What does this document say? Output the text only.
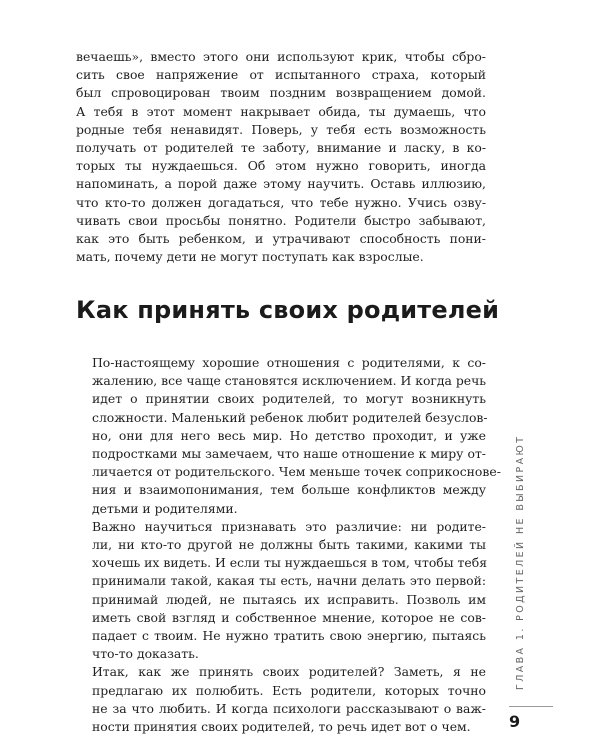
вечаешь», вместо этого они используют крик, чтобы сбро-
сить свое напряжение от испытанного страха, который
был спровоцирован твоим поздним возвращением домой.
А тебя в этот момент накрывает обида, ты думаешь, что
родные тебя ненавидят. Поверь, у тебя есть возможность
получать от родителей те заботу, внимание и ласку, в ко-
торых ты нуждаешься. Об этом нужно говорить, иногда
напоминать, а порой даже этому научить. Оставь иллюзию,
что кто-то должен догадаться, что тебе нужно. Учись озву-
чивать свои просьбы понятно. Родители быстро забывают,
как это быть ребенком, и утрачивают способность пони-
мать, почему дети не могут поступать как взрослые.

Как принять своих родителей

По-настоящему хорошие отношения с родителями, к со-
жалению, все чаще становятся исключением. И когда речь
идет о принятии своих родителей, то могут возникнуть
сложности. Маленький ребенок любит родителей безуслов-
но, они для него весь мир. Но детство проходит, и уже
подростками мы замечаем, что наше отношение к миру от-
личается от родительского. Чем меньше точек соприкоснове-
ния и взаимопонимания, тем больше конфликтов между
детьми и родителями.

Важно научиться признавать это различие: ни родите-
ли, ни кто-то другой не должны быть такими, какими ты
хочешь их видеть. И если ты нуждаешься в том, чтобы тебя
принимали такой, какая ты есть, начни делать это первой:
принимай людей, не пытаясь их исправить. Позволь им
иметь свой взгляд и собственное мнение, которое не сов-
падает с твоим. Не нужно тратить свою энергию, пытаясь
что-то доказать.

Итак, как же принять своих родителей? Заметь, я не
предлагаю их полюбить. Есть родители, которых точно
не за что любить. И когда психологи рассказывают о важ-
ности принятия своих родителей, то речь идет вот о чем.

ГЛАВА 1. РОДИТЕЛЕЙ НЕ ВЫБИРАЮТ
9
